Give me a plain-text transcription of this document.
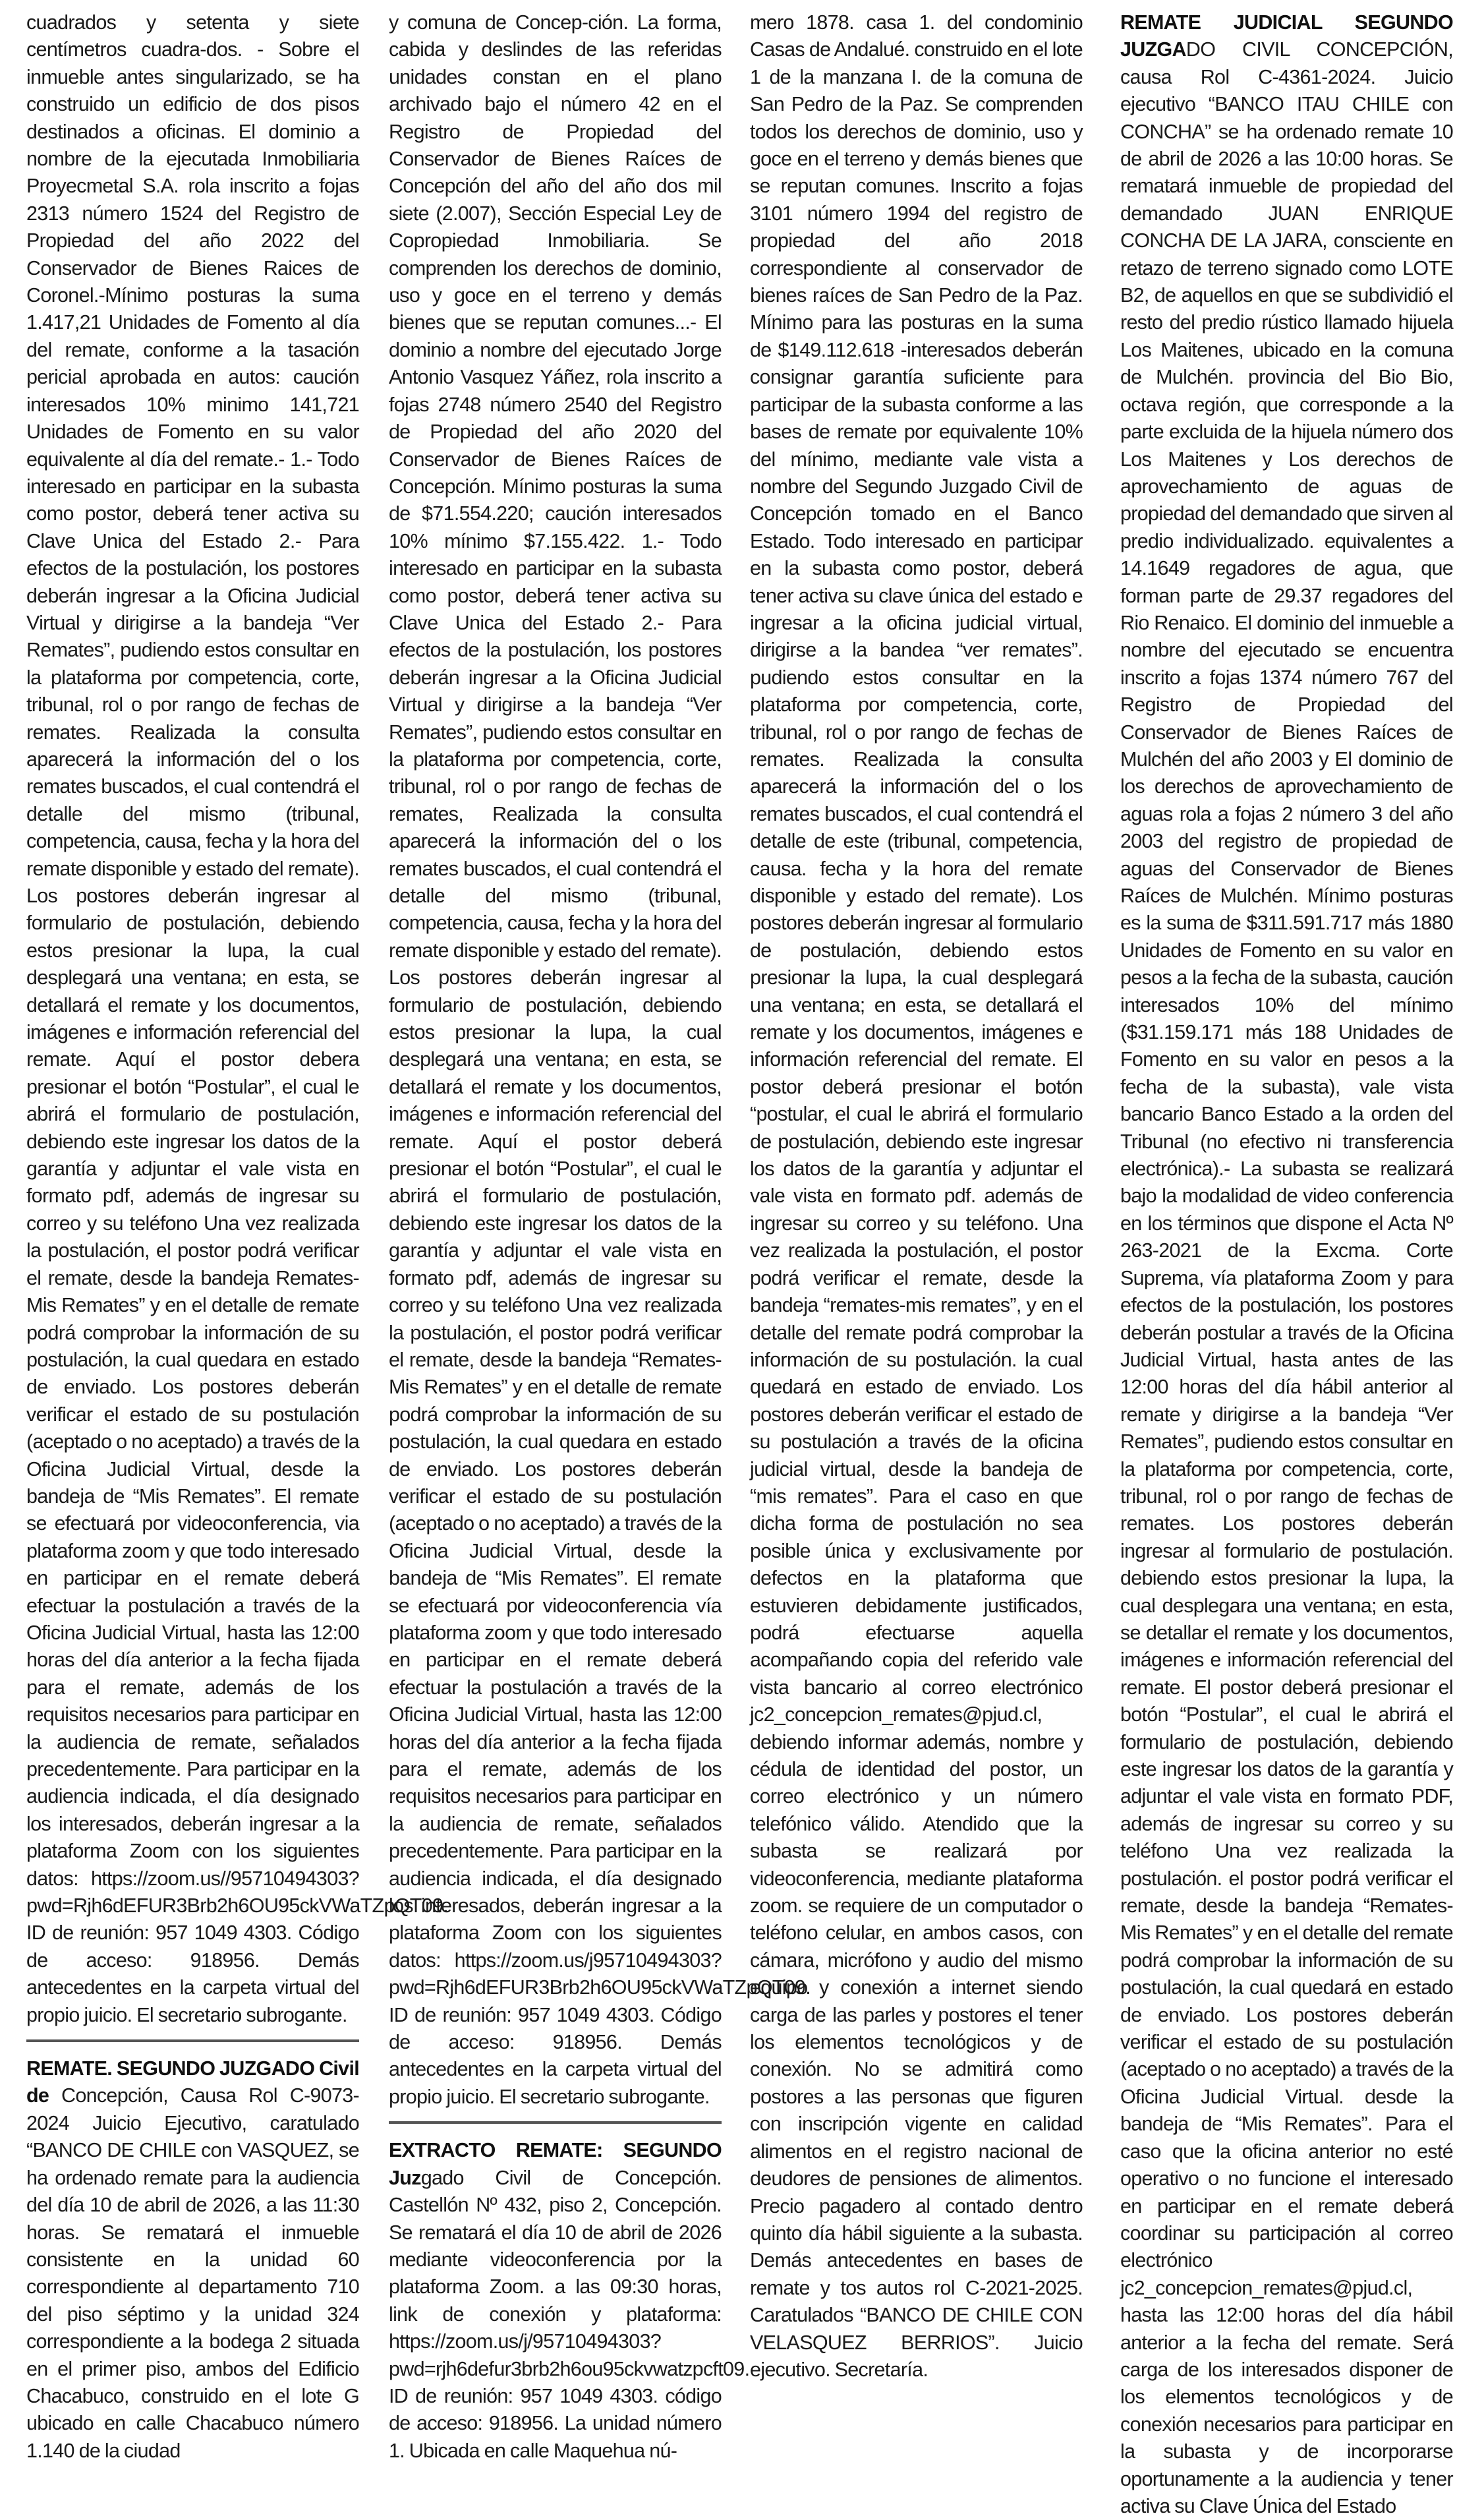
cuadrados y setenta y siete centímetros cuadra-dos. - Sobre el inmueble antes singularizado, se ha construido un edificio de dos pisos destinados a oficinas. El dominio a nombre de la ejecutada Inmobiliaria Proyecmetal S.A. rola inscrito a fojas 2313 número 1524 del Registro de Propiedad del año 2022 del Conservador de Bienes Raices de Coronel.-Mínimo posturas la suma 1.417,21 Unidades de Fomento al día del remate, conforme a la tasación pericial aprobada en autos: caución interesados 10% minimo 141,721 Unidades de Fomento en su valor equivalente al día del remate.- 1.- Todo interesado en participar en la subasta como postor, deberá tener activa su Clave Unica del Estado 2.- Para efectos de la postulación, los postores deberán ingresar a la Oficina Judicial Virtual y dirigirse a la bandeja “Ver Remates”, pudiendo estos consultar en la plataforma por competencia, corte, tribunal, rol o por rango de fechas de remates. Realizada la consulta aparecerá la información del o los remates buscados, el cual contendrá el detalle del mismo (tribunal, competencia, causa, fecha y la hora del remate disponible y estado del remate). Los postores deberán ingresar al formulario de postulación, debiendo estos presionar la lupa, la cual desplegará una ventana; en esta, se detallará el remate y los documentos, imágenes e información referencial del remate. Aquí el postor debera presionar el botón “Postular”, el cual le abrirá el formulario de postulación, debiendo este ingresar los datos de la garantía y adjuntar el vale vista en formato pdf, además de ingresar su correo y su teléfono Una vez realizada la postulación, el postor podrá verificar el remate, desde la bandeja Remates- Mis Remates” y en el detalle de remate podrá comprobar la información de su postulación, la cual quedara en estado de enviado. Los postores deberán verificar el estado de su postulación (aceptado o no aceptado) a través de la Oficina Judicial Virtual, desde la bandeja de “Mis Remates”. El remate se efectuará por videoconferencia, via plataforma zoom y que todo interesado en participar en el remate deberá efectuar la postulación a través de la Oficina Judicial Virtual, hasta las 12:00 horas del día anterior a la fecha fijada para el remate, además de los requisitos necesarios para participar en la audiencia de remate, señalados precedentemente. Para participar en la audiencia indicada, el día designado los interesados, deberán ingresar a la plataforma Zoom con los siguientes datos: https://zoom.us//95710494303?pwd=Rjh6dEFUR3Brb2h6OU95ckVWaTZpQT09. ID de reunión: 957 1049 4303. Código de acceso: 918956. Demás antecedentes en la carpeta virtual del propio juicio. El secretario subrogante.

REMATE. SEGUNDO JUZGADO Civil de Concepción, Causa Rol C-9073-2024 Juicio Ejecutivo, caratulado “BANCO DE CHILE con VASQUEZ, se ha ordenado remate para la audiencia del día 10 de abril de 2026, a las 11:30 horas. Se rematará el inmueble consistente en la unidad 60 correspondiente al departamento 710 del piso séptimo y la unidad 324 correspondiente a la bodega 2 situada en el primer piso, ambos del Edificio Chacabuco, construido en el lote G ubicado en calle Chacabuco número 1.140 de la ciudad

y comuna de Concep-ción. La forma, cabida y deslindes de las referidas unidades constan en el plano archivado bajo el número 42 en el Registro de Propiedad del Conservador de Bienes Raíces de Concepción del año del año dos mil siete (2.007), Sección Especial Ley de Copropiedad Inmobiliaria. Se comprenden los derechos de dominio, uso y goce en el terreno y demás bienes que se reputan comunes...- El dominio a nombre del ejecutado Jorge Antonio Vasquez Yáñez, rola inscrito a fojas 2748 número 2540 del Registro de Propiedad del año 2020 del Conservador de Bienes Raíces de Concepción. Mínimo posturas la suma de $71.554.220; caución interesados 10% mínimo $7.155.422. 1.- Todo interesado en participar en la subasta como postor, deberá tener activa su Clave Unica del Estado 2.- Para efectos de la postulación, los postores deberán ingresar a la Oficina Judicial Virtual y dirigirse a la bandeja “Ver Remates”, pudiendo estos consultar en la plataforma por competencia, corte, tribunal, rol o por rango de fechas de remates, Realizada la consulta aparecerá la información del o los remates buscados, el cual contendrá el detalle del mismo (tribunal, competencia, causa, fecha y la hora del remate disponible y estado del remate). Los postores deberán ingresar al formulario de postulación, debiendo estos presionar la lupa, la cual desplegará una ventana; en esta, se detaIlará el remate y los documentos, imágenes e información referencial del remate. Aquí el postor deberá presionar el botón “Postular”, el cual le abrirá el formulario de postulación, debiendo este ingresar los datos de la garantía y adjuntar el vale vista en formato pdf, además de ingresar su correo y su teléfono Una vez realizada la postulación, el postor podrá verificar el remate, desde la bandeja “Remates- Mis Remates” y en el detalle de remate podrá comprobar la información de su postulación, la cual quedara en estado de enviado. Los postores deberán verificar el estado de su postulación (aceptado o no aceptado) a través de la Oficina Judicial Virtual, desde la bandeja de “Mis Remates”. El remate se efectuará por videoconferencia vía plataforma zoom y que todo interesado en participar en el remate deberá efectuar la postulación a través de la Oficina Judicial Virtual, hasta las 12:00 horas del día anterior a la fecha fijada para el remate, además de los requisitos necesarios para participar en la audiencia de remate, señalados precedentemente. Para participar en la audiencia indicada, el día designado los interesados, deberán ingresar a la plataforma Zoom con los siguientes datos: https://zoom.us/j95710494303?pwd=Rjh6dEFUR3Brb2h6OU95ckVWaTZpQT09. ID de reunión: 957 1049 4303. Código de acceso: 918956. Demás antecedentes en la carpeta virtual del propio juicio. El secretario subrogante.

EXTRACTO REMATE: SEGUNDO Juzgado Civil de Concepción. Castellón Nº 432, piso 2, Concepción. Se rematará el día 10 de abril de 2026 mediante videoconferencia por la plataforma Zoom. a las 09:30 horas, link de conexión y plataforma: https://zoom.us/j/95710494303?pwd=rjh6defur3brb2h6ou95ckvwatzpcft09. ID de reunión: 957 1049 4303. código de acceso: 918956. La unidad número 1. Ubicada en calle Maquehua nú-

mero 1878. casa 1. del condominio Casas de Andalué. construido en el lote 1 de la manzana I. de la comuna de San Pedro de la Paz. Se comprenden todos los derechos de dominio, uso y goce en el terreno y demás bienes que se reputan comunes. Inscrito a fojas 3101 número 1994 del registro de propiedad del año 2018 correspondiente al conservador de bienes raíces de San Pedro de la Paz. Mínimo para las posturas en la suma de $149.112.618 -interesados deberán consignar garantía suficiente para participar de la subasta conforme a las bases de remate por equivalente 10% del mínimo, mediante vale vista a nombre del Segundo Juzgado Civil de Concepción tomado en el Banco Estado. Todo interesado en participar en la subasta como postor, deberá tener activa su clave única del estado e ingresar a la oficina judicial virtual, dirigirse a la bandea “ver remates”. pudiendo estos consultar en la plataforma por competencia, corte, tribunal, rol o por rango de fechas de remates. Realizada la consulta aparecerá la información del o los remates buscados, el cual contendrá el detalle de este (tribunal, competencia, causa. fecha y la hora del remate disponible y estado del remate). Los postores deberán ingresar al formulario de postulación, debiendo estos presionar la lupa, la cual desplegará una ventana; en esta, se detallará el remate y los documentos, imágenes e información referencial del remate. El postor deberá presionar el botón “postular, el cual le abrirá el formulario de postulación, debiendo este ingresar los datos de la garantía y adjuntar el vale vista en formato pdf. además de ingresar su correo y su teléfono. Una vez realizada la postulación, el postor podrá verificar el remate, desde la bandeja “remates-mis remates”, y en el detalle del remate podrá comprobar la información de su postulación. la cual quedará en estado de enviado. Los postores deberán verificar el estado de su postulación a través de la oficina judicial virtual, desde la bandeja de “mis remates”. Para el caso en que dicha forma de postulación no sea posible única y exclusivamente por defectos en la plataforma que estuvieren debidamente justificados, podrá efectuarse aquella acompañando copia del referido vale vista bancario al correo electrónico jc2_concepcion_remates@pjud.cl, debiendo informar además, nombre y cédula de identidad del postor, un correo electrónico y un número telefónico válido. Atendido que la subasta se realizará por videoconferencia, mediante plataforma zoom. se requiere de un computador o teléfono celular, en ambos casos, con cámara, micrófono y audio del mismo equipo y conexión a internet siendo carga de las parles y postores el tener los elementos tecnológicos y de conexión. No se admitirá como postores a las personas que figuren con inscripción vigente en calidad alimentos en el registro nacional de deudores de pensiones de alimentos. Precio pagadero al contado dentro quinto día hábil siguiente a la subasta. Demás antecedentes en bases de remate y tos autos rol C-2021-2025. Caratulados “BANCO DE CHILE CON VELASQUEZ BERRIOS”. Juicio ejecutivo. Secretaría.

REMATE JUDICIAL SEGUNDO JUZGADO CIVIL CONCEPCIÓN, causa Rol C-4361-2024. Juicio ejecutivo “BANCO ITAU CHILE con CONCHA” se ha ordenado remate 10 de abril de 2026 a las 10:00 horas. Se rematará inmueble de propiedad del demandado JUAN ENRIQUE CONCHA DE LA JARA, consciente en retazo de terreno signado como LOTE B2, de aquellos en que se subdividió el resto del predio rústico llamado hijuela Los Maitenes, ubicado en la comuna de Mulchén. provincia del Bio Bio, octava región, que corresponde a la parte excluida de la hijuela número dos Los Maitenes y Los derechos de aprovechamiento de aguas de propiedad del demandado que sirven al predio individualizado. equivalentes a 14.1649 regadores de agua, que forman parte de 29.37 regadores del Rio Renaico. El dominio del inmueble a nombre del ejecutado se encuentra inscrito a fojas 1374 número 767 del Registro de Propiedad del Conservador de Bienes Raíces de Mulchén del año 2003 y El dominio de los derechos de aprovechamiento de aguas rola a fojas 2 número 3 del año 2003 del registro de propiedad de aguas del Conservador de Bienes Raíces de Mulchén. Mínimo posturas es la suma de $311.591.717 más 1880 Unidades de Fomento en su valor en pesos a la fecha de la subasta, caución interesados 10% del mínimo ($31.159.171 más 188 Unidades de Fomento en su valor en pesos a la fecha de la subasta), vale vista bancario Banco Estado a la orden del Tribunal (no efectivo ni transferencia electrónica).- La subasta se realizará bajo la modalidad de video conferencia en los términos que dispone el Acta Nº 263-2021 de la Excma. Corte Suprema, vía plataforma Zoom y para efectos de la postulación, los postores deberán postular a través de la Oficina Judicial Virtual, hasta antes de las 12:00 horas del día hábil anterior al remate y dirigirse a la bandeja “Ver Remates”, pudiendo estos consultar en la plataforma por competencia, corte, tribunal, rol o por rango de fechas de remates. Los postores deberán ingresar al formulario de postulación. debiendo estos presionar la lupa, la cual desplegara una ventana; en esta, se detallar el remate y los documentos, imágenes e información referencial del remate. El postor deberá presionar el botón “Postular”, el cual le abrirá el formulario de postulación, debiendo este ingresar los datos de la garantía y adjuntar el vale vista en formato PDF, además de ingresar su correo y su teléfono Una vez realizada la postulación. el postor podrá verificar el remate, desde la bandeja “Remates-Mis Remates” y en el detalle del remate podrá comprobar la información de su postulación, la cual quedará en estado de enviado. Los postores deberán verificar el estado de su postulación (aceptado o no aceptado) a través de la Oficina Judicial Virtual. desde la bandeja de “Mis Remates”. Para el caso que la oficina anterior no esté operativo o no funcione el interesado en participar en el remate deberá coordinar su participación al correo electrónico jc2_concepcion_remates@pjud.cl, hasta las 12:00 horas del día hábil anterior a la fecha del remate. Será carga de los interesados disponer de los elementos tecnológicos y de conexión necesarios para participar en la subasta y de incorporarse oportunamente a la audiencia y tener activa su Clave Única del Estado
